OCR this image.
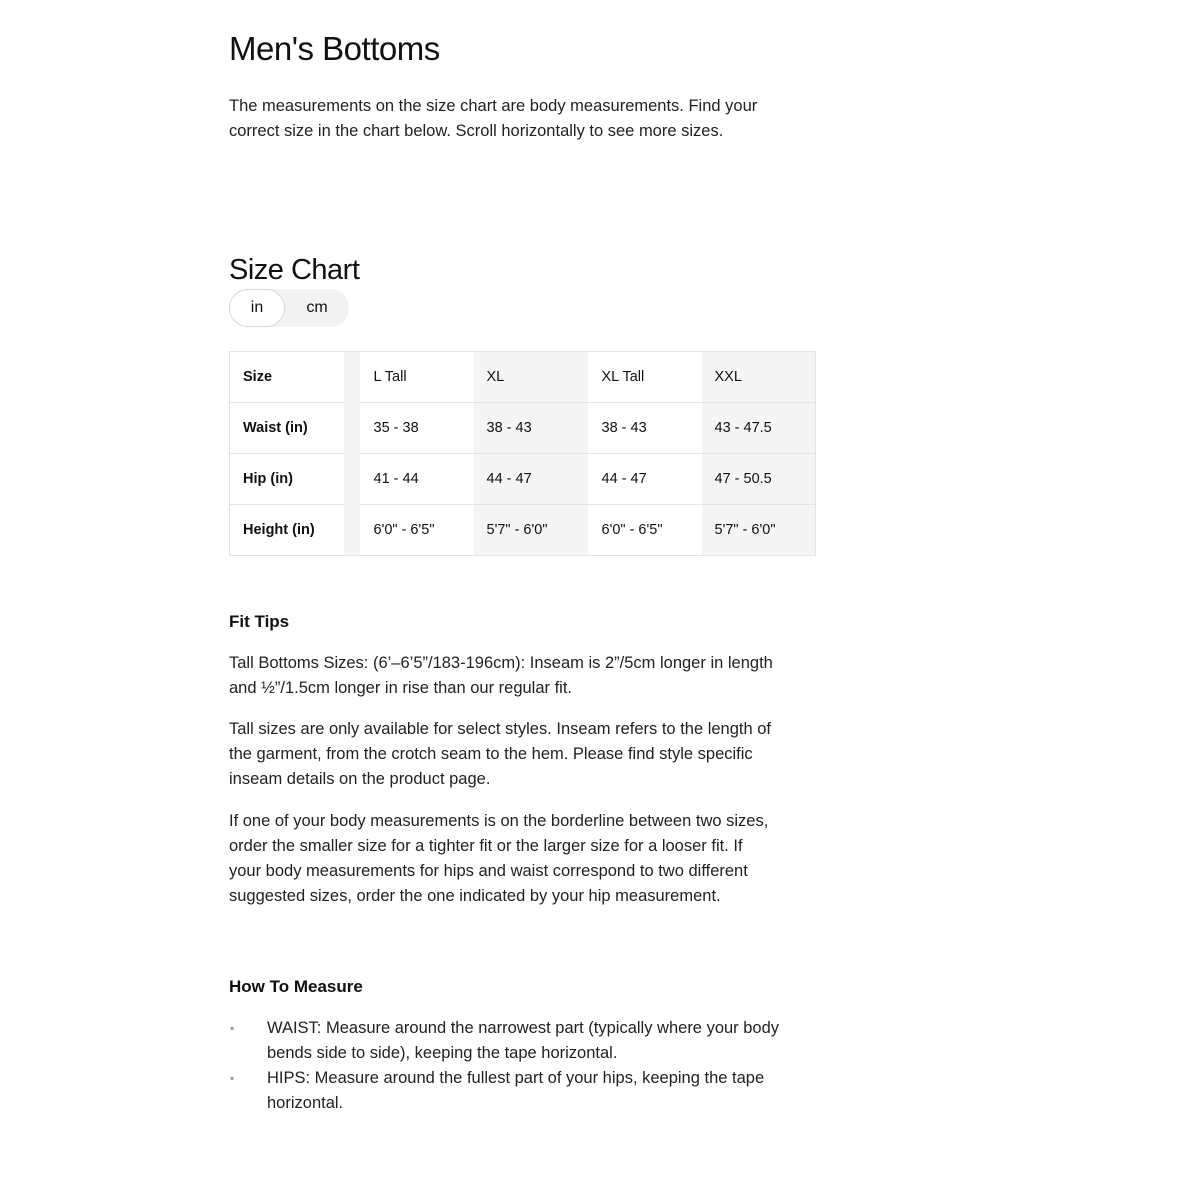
Men's Bottoms

The measurements on the size chart are body measurements. Find your correct size in the chart below. Scroll horizontally to see more sizes.

Size Chart
in	cm
Size		L Tall	XL	XL Tall	XXL
Waist (in)		35 - 38	38 - 43	38 - 43	43 - 47.5
Hip (in)		41 - 44	44 - 47	44 - 47	47 - 50.5
Height (in)		6'0" - 6'5"	5'7" - 6'0"	6'0" - 6'5"	5'7" - 6'0"
Fit Tips

Tall Bottoms Sizes: (6’–6’5”/183-196cm): Inseam is 2”/5cm longer in length and ½”/1.5cm longer in rise than our regular fit.

Tall sizes are only available for select styles. Inseam refers to the length of the garment, from the crotch seam to the hem. Please find style specific inseam details on the product page.

If one of your body measurements is on the borderline between two sizes, order the smaller size for a tighter fit or the larger size for a looser fit. If your body measurements for hips and waist correspond to two different suggested sizes, order the one indicated by your hip measurement.

How To Measure
▪ WAIST: Measure around the narrowest part (typically where your body bends side to side), keeping the tape horizontal.
▪ HIPS: Measure around the fullest part of your hips, keeping the tape horizontal.
